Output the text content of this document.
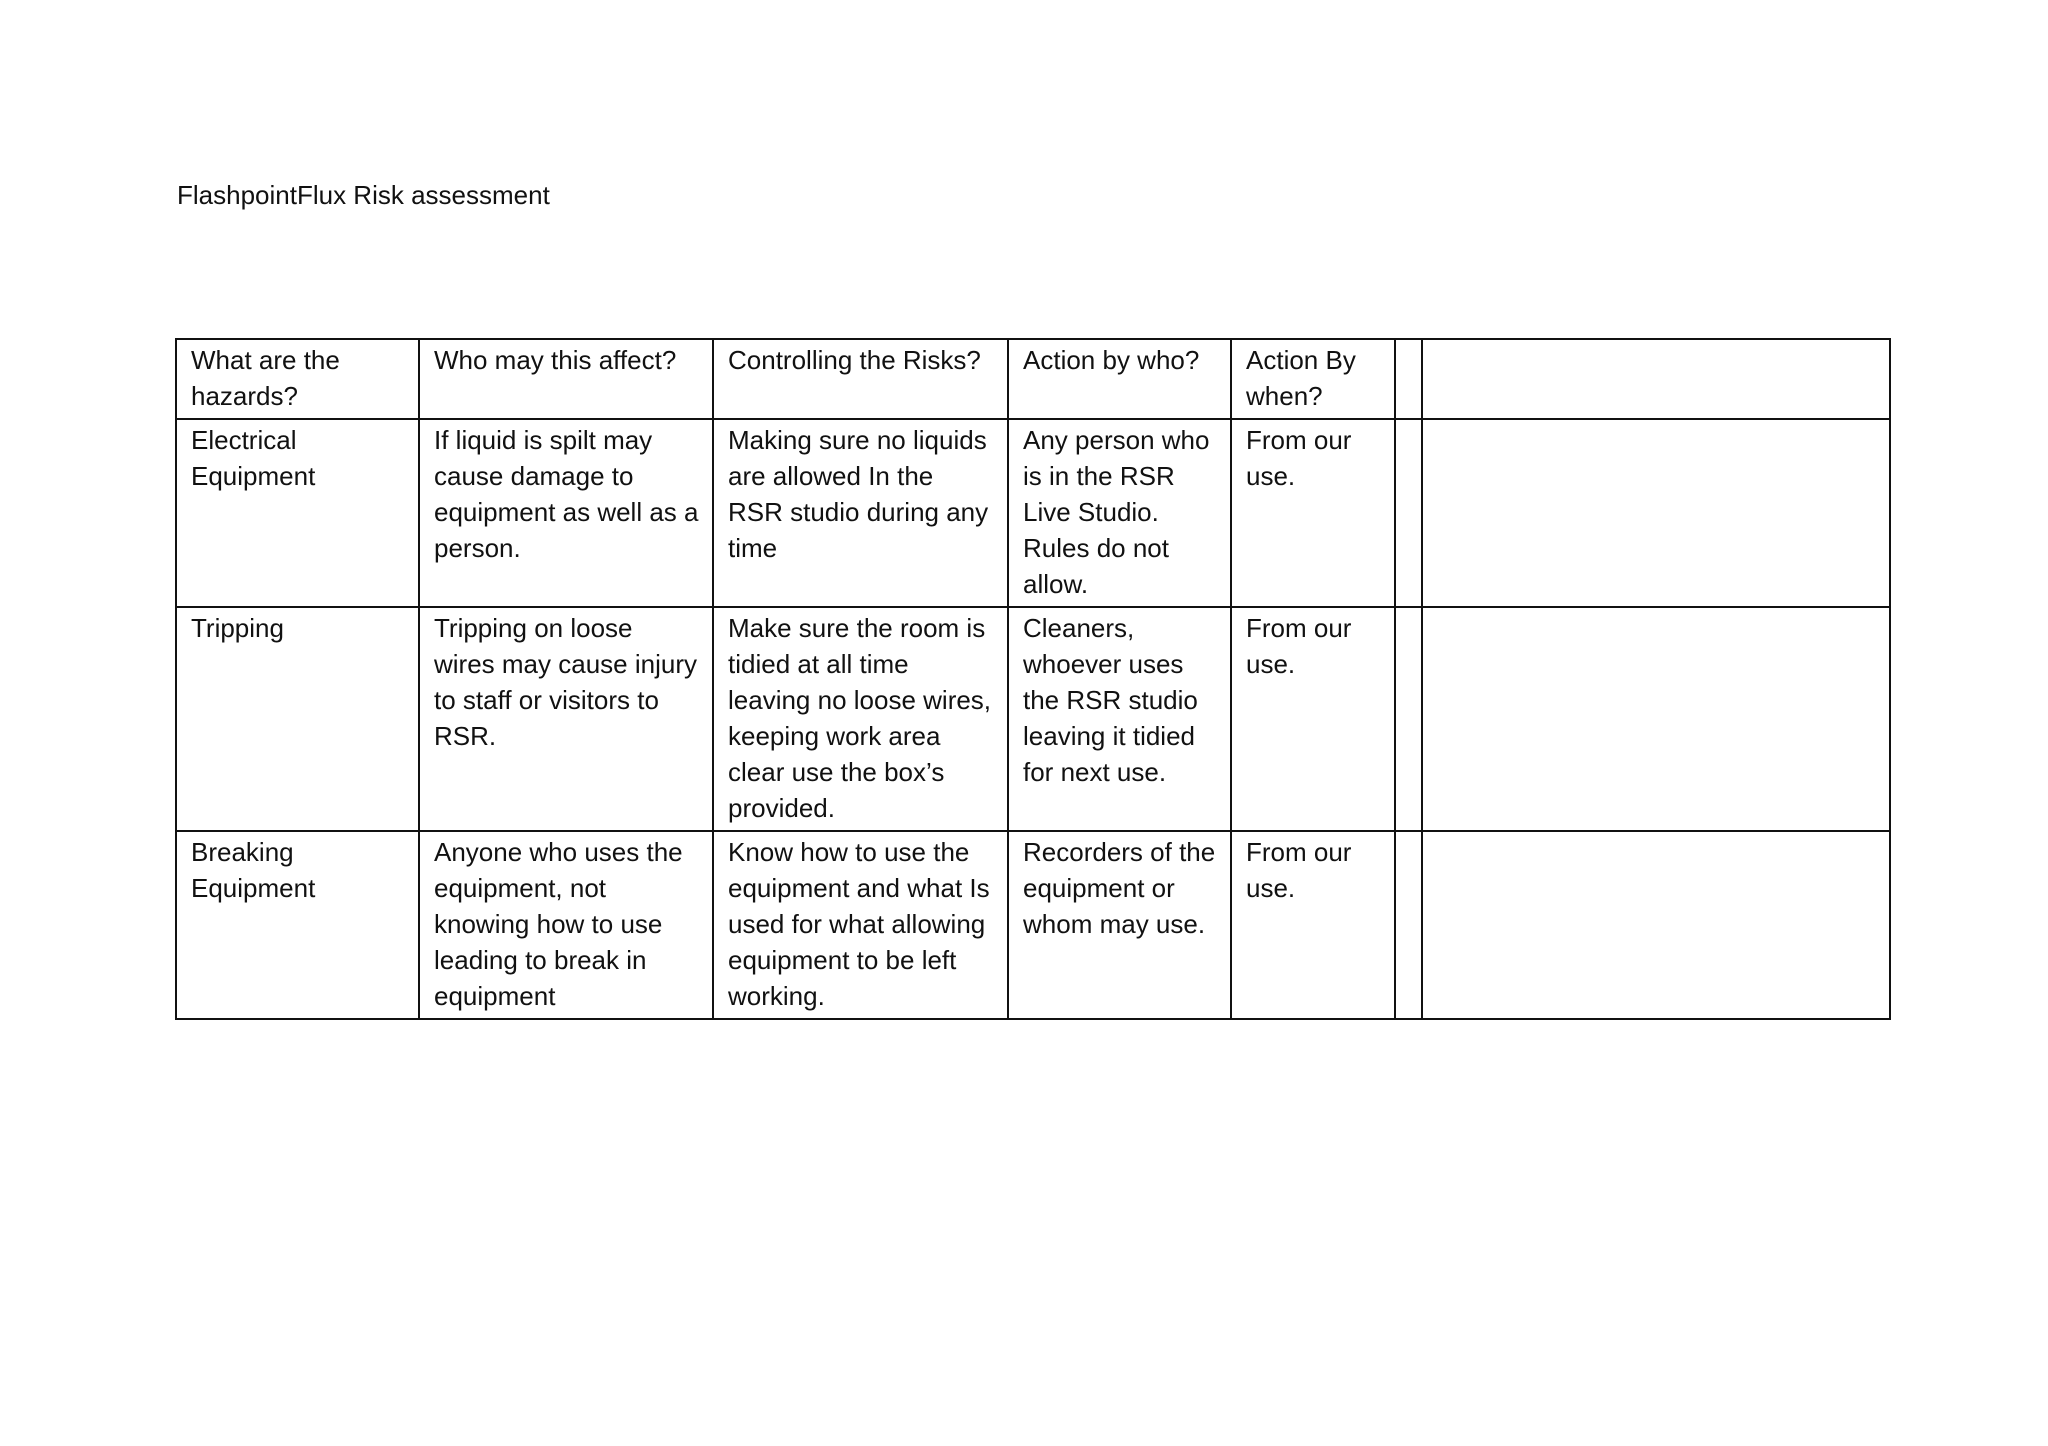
FlashpointFlux Risk assessment
What are the hazards?	Who may this affect?	Controlling the Risks?	Action by who?	Action By when?		
Electrical Equipment	If liquid is spilt may cause damage to equipment as well as a person.	Making sure no liquids are allowed In the RSR studio during any time	Any person who is in the RSR Live Studio. Rules do not allow.	From our use.		
Tripping	Tripping on loose wires may cause injury to staff or visitors to RSR.	Make sure the room is tidied at all time leaving no loose wires, keeping work area clear use the box’s provided.	Cleaners, whoever uses the RSR studio leaving it tidied for next use.	From our use.		
Breaking Equipment	Anyone who uses the equipment, not knowing how to use leading to break in equipment	Know how to use the equipment and what Is used for what allowing equipment to be left working.	Recorders of the equipment or whom may use.	From our use.		
